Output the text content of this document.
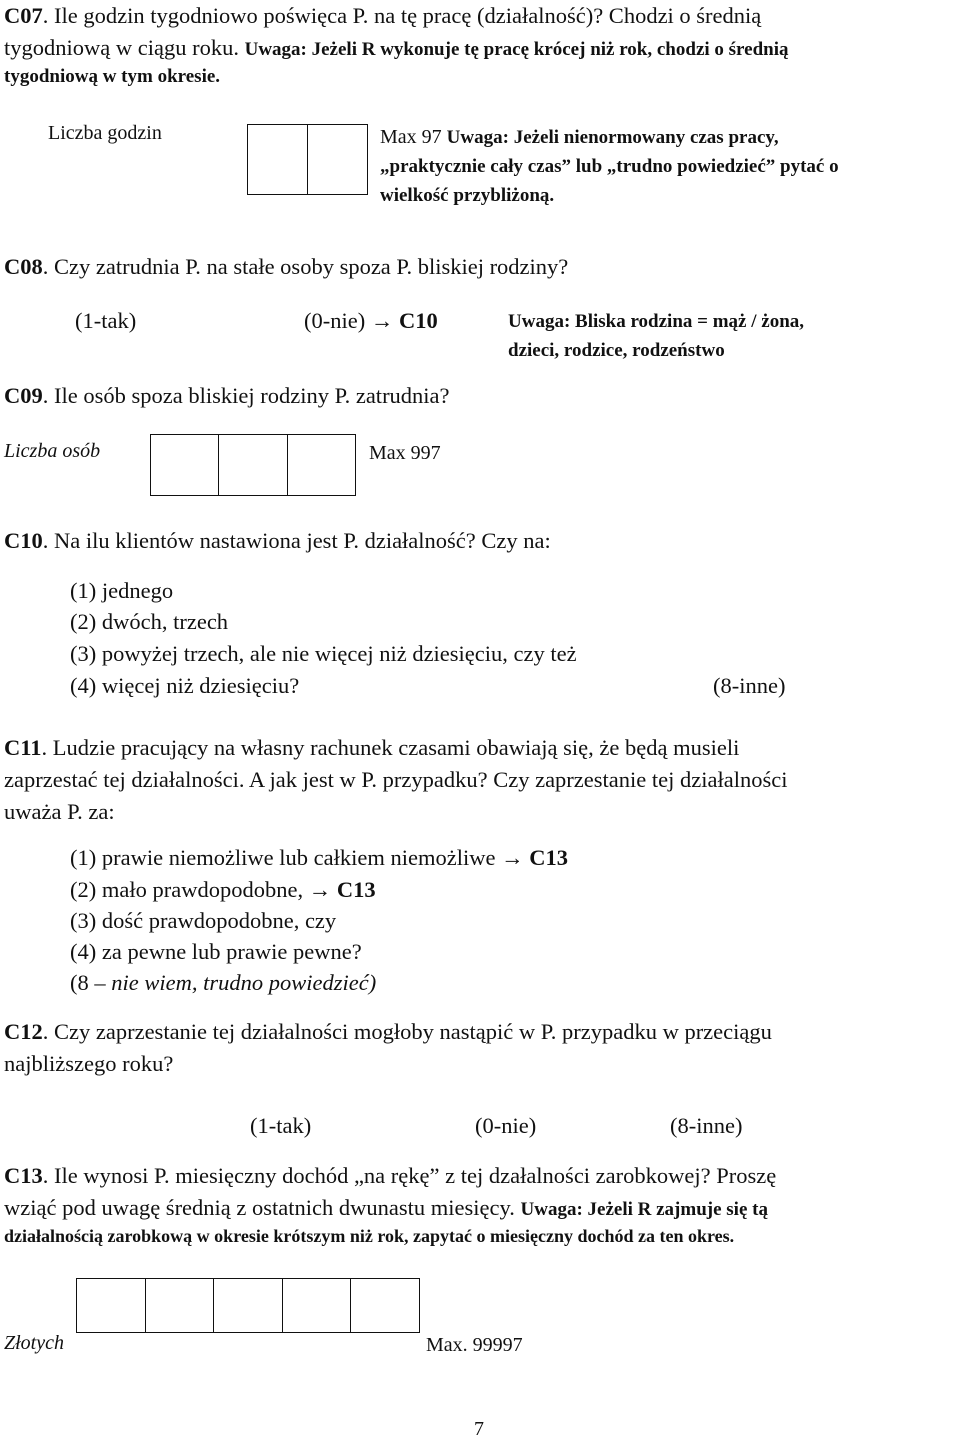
C07. Ile godzin tygodniowo poświęca P. na tę pracę (działalność)? Chodzi o średnią
tygodniową w ciągu roku. Uwaga: Jeżeli R wykonuje tę pracę krócej niż rok, chodzi o średnią
tygodniową w tym okresie.
Liczba godzin	Max 97 Uwaga: Jeżeli nienormowany czas pracy,
„praktycznie cały czas” lub „trudno powiedzieć” pytać o
wielkość przybliżoną.
C08. Czy zatrudnia P. na stałe osoby spoza P. bliskiej rodziny?
(1-tak)	(0-nie) → C10	Uwaga: Bliska rodzina = mąż / żona,
dzieci, rodzice, rodzeństwo
C09. Ile osób spoza bliskiej rodziny P. zatrudnia?
Liczba osób	Max 997
C10. Na ilu klientów nastawiona jest P. działalność? Czy na:
(1) jednego
(2) dwóch, trzech
(3) powyżej trzech, ale nie więcej niż dziesięciu, czy też
(4) więcej niż dziesięciu?	(8-inne)
C11. Ludzie pracujący na własny rachunek czasami obawiają się, że będą musieli
zaprzestać tej działalności. A jak jest w P. przypadku? Czy zaprzestanie tej działalności
uważa P. za:
(1) prawie niemożliwe lub całkiem niemożliwe → C13
(2) mało prawdopodobne, → C13
(3) dość prawdopodobne, czy
(4) za pewne lub prawie pewne?
(8 – nie wiem, trudno powiedzieć)
C12. Czy zaprzestanie tej działalności mogłoby nastąpić w P. przypadku w przeciągu
najbliższego roku?
(1-tak)	(0-nie)	(8-inne)
C13. Ile wynosi P. miesięczny dochód „na rękę” z tej dzałalności zarobkowej? Proszę
wziąć pod uwagę średnią z ostatnich dwunastu miesięcy. Uwaga: Jeżeli R zajmuje się tą
działalnością zarobkową w okresie krótszym niż rok, zapytać o miesięczny dochód za ten okres.
Złotych	Max. 99997
7
